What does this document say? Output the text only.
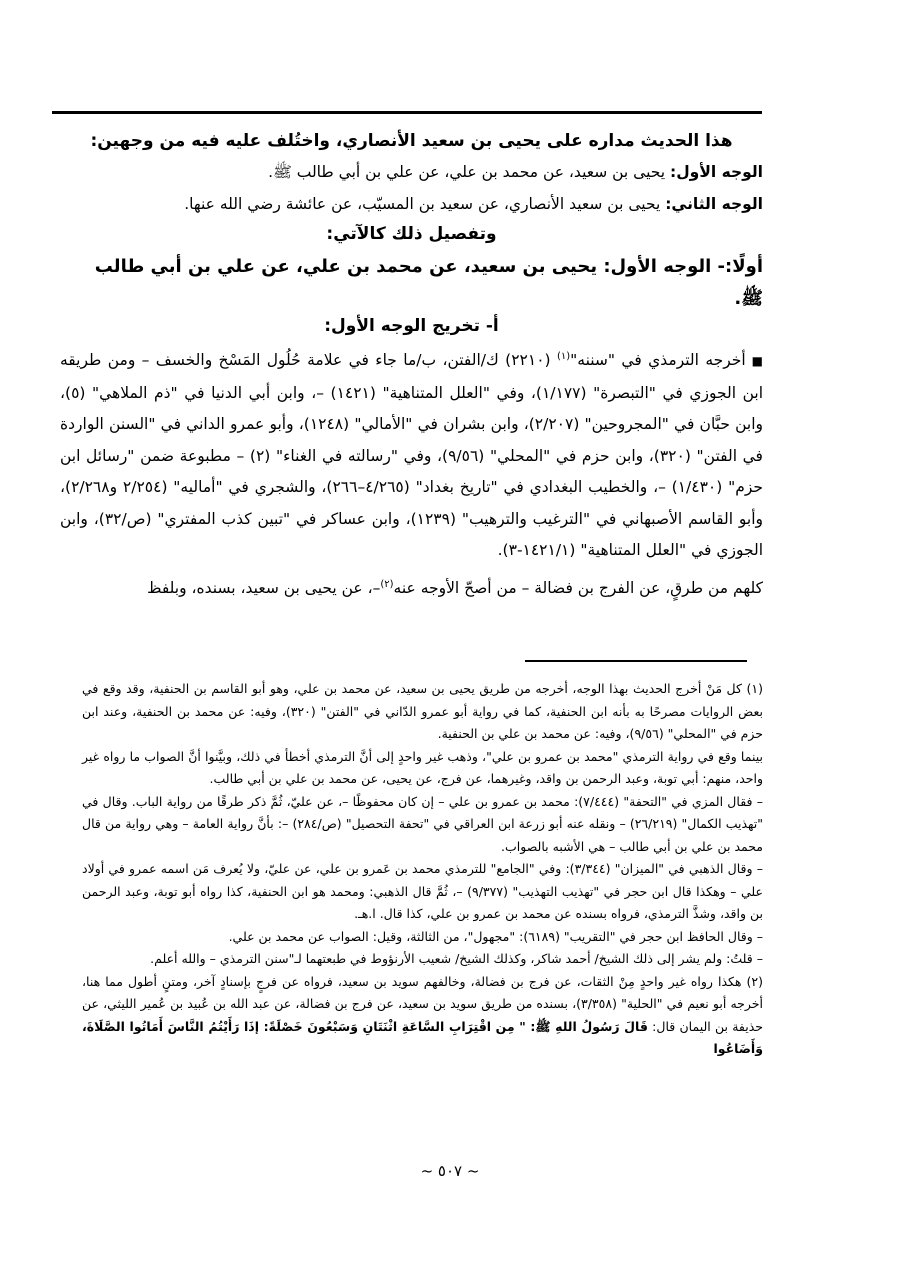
هذا الحديث مداره على يحيى بن سعيد الأنصاري، واختُلف عليه فيه من وجهين:

الوجه الأول: يحيى بن سعيد، عن محمد بن علي، عن علي بن أبي طالب ﷺ.

الوجه الثاني: يحيى بن سعيد الأنصاري، عن سعيد بن المسيّب، عن عائشة رضي الله عنها.

وتفصيل ذلك كالآتي:

أولًا:- الوجه الأول: يحيى بن سعيد، عن محمد بن علي، عن علي بن أبي طالب ﷺ.

أ- تخريج الوجه الأول:

■أخرجه الترمذي في "سننه"$^{(١)}$ (٢٢١٠) ك/الفتن، ب/ما جاء في علامة حُلُول المَسْخ والخسف – ومن طريقه ابن الجوزي في "التبصرة" (١/١٧٧)، وفي "العلل المتناهية" (١٤٢١) –، وابن أبي الدنيا في "ذم الملاهي" (٥)، وابن حبَّان في "المجروحين" (٢/٢٠٧)، وابن بشران في "الأمالي" (١٢٤٨)، وأبو عمرو الداني في "السنن الواردة في الفتن" (٣٢٠)، وابن حزم في "المحلي" (٩/٥٦)، وفي "رسالته في الغناء" (٢) – مطبوعة ضمن "رسائل ابن حزم" (١/٤٣٠) –، والخطيب البغدادي في "تاريخ بغداد" (٤/٢٦٥–٢٦٦)، والشجري في "أماليه" (٢/٢٥٤ و٢/٢٦٨)، وأبو القاسم الأصبهاني في "الترغيب والترهيب" (١٢٣٩)، وابن عساكر في "تبين كذب المفتري" (ص/٣٢)، وابن الجوزي في "العلل المتناهية" (١٤٢١/١-٣).

كلهم من طرقٍ، عن الفرج بن فضالة – من أصحّ الأوجه عنه$^{(٢)}$–، عن يحيى بن سعيد، بسنده، وبلفظ

(١) كل مَنْ أخرج الحديث بهذا الوجه، أخرجه من طريق يحيى بن سعيد، عن محمد بن علي، وهو أبو القاسم بن الحنفية، وقد وقع في بعض الروايات مصرحًا به بأنه ابن الحنفية، كما في رواية أبو عمرو الدّاني في "الفتن" (٣٢٠)، وفيه: عن محمد بن الحنفية، وعند ابن حزم في "المحلي" (٩/٥٦)، وفيه: عن محمد بن علي بن الحنفية.

بينما وقع في رواية الترمذي "محمد بن عمرو بن علي"، وذهب غير واحدٍ إلى أنَّ الترمذي أخطأ في ذلك، وبيَّنوا أنَّ الصواب ما رواه غير واحد، منهم: أبي توبة، وعبد الرحمن بن واقد، وغيرهما، عن فرج، عن يحيى، عن محمد بن علي بن أبي طالب.

– فقال المزي في "التحفة" (٧/٤٤٤): محمد بن عمرو بن علي – إن كان محفوظًا –، عن عليّ، ثُمَّ ذكر طرقًا من رواية الباب. وقال في "تهذيب الكمال" (٢٦/٢١٩) – ونقله عنه أبو زرعة ابن العراقي في "تحفة التحصيل" (ص/٢٨٤) –: بأنَّ رواية العامة – وهي رواية من قال محمد بن علي بن أبي طالب – هي الأشبه بالصواب.

– وقال الذهبي في "الميزان" (٣/٣٤٤): وفي "الجامع" للترمذي محمد بن عَمرو بن علي، عن عليّ، ولا يُعرف مَن اسمه عمرو في أولاد علي – وهكذا قال ابن حجر في "تهذيب التهذيب" (٩/٣٧٧) –، ثُمَّ قال الذهبي: ومحمد هو ابن الحنفية، كذا رواه أبو توبة، وعبد الرحمن بن واقد، وشذَّ الترمذي، فرواه بسنده عن محمد بن عمرو بن علي، كذا قال. ا.هـ.

– وقال الحافظ ابن حجر في "التقريب" (٦١٨٩): "مجهول"، من الثالثة، وقيل: الصواب عن محمد بن علي.

– قلتُ: ولم يشر إلى ذلك الشيخ/ أحمد شاكر، وكذلك الشيخ/ شعيب الأرنؤوط في طبعتهما لـ"سنن الترمذي – والله أعلم.

(٢) هكذا رواه غير واحدٍ مِنْ الثقات، عن فرج بن فضالة، وخالفهم سويد بن سعيد، فرواه عن فرجٍ بإسنادٍ آخر، ومتنٍ أطول مما هنا، أخرجه أبو نعيم في "الحلية" (٣/٣٥٨)، بسنده من طريق سويد بن سعيد، عن فرج بن فضالة، عن عبد الله بن عُبيد بن عُمير الليثي، عن حذيفة بن اليمان قال: قَالَ رَسُولُ اللهِ ﷺ: " مِن اقْتِرَابِ السَّاعَةِ اثْنَتَانِ وَسَبْعُونَ خَصْلَةً: إذَا رَأَيْتُمُ النَّاسَ أَمَاتُوا الصَّلَاةَ، وَأَضَاعُوا

~ ٥٠٧ ~
